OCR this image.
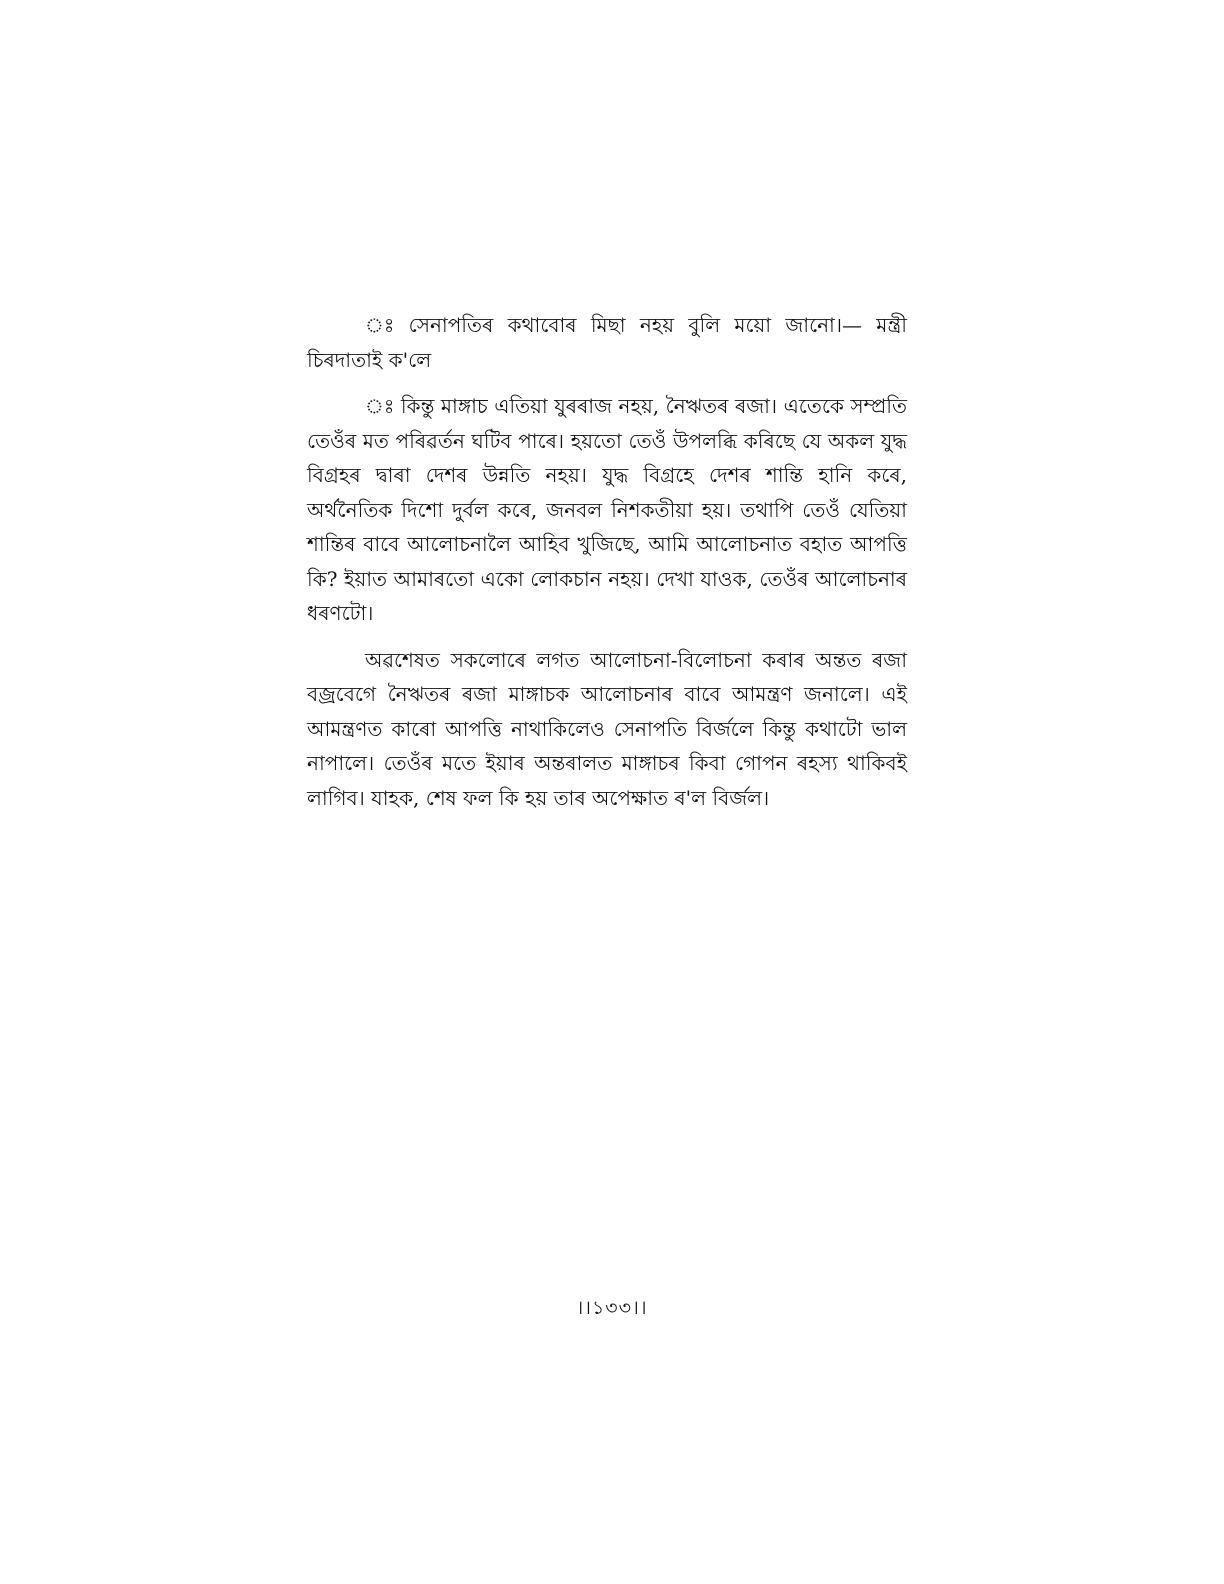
ঃ সেনাপতিৰ কথাবোৰ মিছা নহয় বুলি ময়ো জানো।— মন্ত্ৰী চিৰদাতাই ক'লে

ঃ কিন্তু মাঙ্গাচ এতিয়া যুৰৰাজ নহয়, নৈঋতৰ ৰজা। এতেকে সম্প্ৰতি তেওঁৰ মত পৰিৱৰ্তন ঘটিব পাৰে। হয়তো তেওঁ উপলব্ধি কৰিছে যে অকল যুদ্ধ বিগ্ৰহৰ দ্বাৰা দেশৰ উন্নতি নহয়। যুদ্ধ বিগ্ৰহে দেশৰ শান্তি হানি কৰে, অৰ্থনৈতিক দিশো দুৰ্বল কৰে, জনবল নিশকতীয়া হয়। তথাপি তেওঁ যেতিয়া শান্তিৰ বাবে আলোচনালৈ আহিব খুজিছে, আমি আলোচনাত বহাত আপত্তি কি? ইয়াত আমাৰতো একো লোকচান নহয়। দেখা যাওক, তেওঁৰ আলোচনাৰ ধৰণটো।

অৱশেষত সকলোৰে লগত আলোচনা-বিলোচনা কৰাৰ অন্তত ৰজা বজ্ৰবেগে নৈঋতৰ ৰজা মাঙ্গাচক আলোচনাৰ বাবে আমন্ত্ৰণ জনালে। এই আমন্ত্ৰণত কাৰো আপত্তি নাথাকিলেও সেনাপতি বিৰ্জলে কিন্তু কথাটো ভাল নাপালে। তেওঁৰ মতে ইয়াৰ অন্তৰালত মাঙ্গাচৰ কিবা গোপন ৰহস্য থাকিবই লাগিব। যাহক, শেষ ফল কি হয় তাৰ অপেক্ষাত ৰ'ল বিৰ্জল।

।।১৩৩।।
